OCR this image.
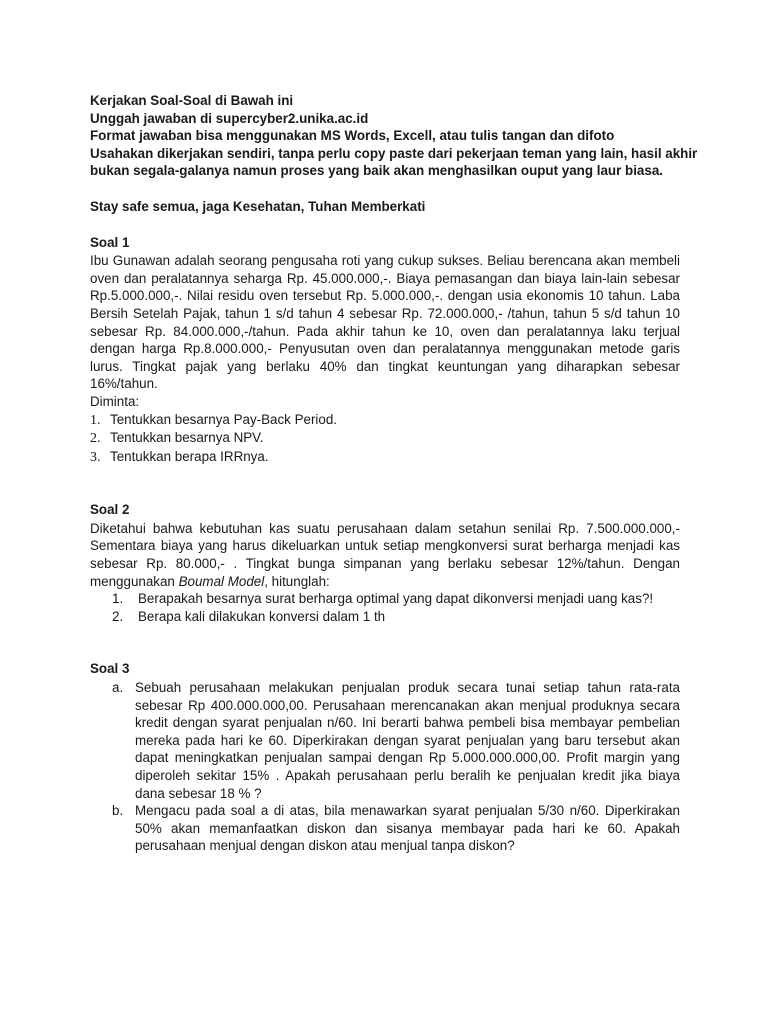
Kerjakan Soal-Soal di Bawah ini
Unggah jawaban di supercyber2.unika.ac.id
Format jawaban bisa menggunakan MS Words, Excell, atau tulis tangan dan difoto
Usahakan dikerjakan sendiri, tanpa perlu copy paste dari pekerjaan teman yang lain, hasil akhir
bukan segala-galanya namun proses yang baik akan menghasilkan ouput yang laur biasa.
Stay safe semua, jaga Kesehatan, Tuhan Memberkati
Soal 1
Ibu Gunawan adalah seorang pengusaha roti yang cukup sukses. Beliau berencana akan membeli oven dan peralatannya seharga Rp. 45.000.000,-. Biaya pemasangan dan biaya lain-lain sebesar Rp.5.000.000,-. Nilai residu oven tersebut Rp. 5.000.000,-. dengan usia ekonomis 10 tahun. Laba Bersih Setelah Pajak, tahun 1 s/d tahun 4 sebesar Rp. 72.000.000,- /tahun, tahun 5 s/d tahun 10 sebesar Rp. 84.000.000,-/tahun. Pada akhir tahun ke 10, oven dan peralatannya laku terjual dengan harga Rp.8.000.000,- Penyusutan oven dan peralatannya menggunakan metode garis lurus. Tingkat pajak yang berlaku 40% dan tingkat keuntungan yang diharapkan sebesar 16%/tahun.
Diminta:
1. Tentukkan besarnya Pay-Back Period.
2. Tentukkan besarnya NPV.
3. Tentukkan berapa IRRnya.
Soal 2
Diketahui bahwa kebutuhan kas suatu perusahaan dalam setahun senilai Rp. 7.500.000.000,- Sementara biaya yang harus dikeluarkan untuk setiap mengkonversi surat berharga menjadi kas sebesar Rp. 80.000,- . Tingkat bunga simpanan yang berlaku sebesar 12%/tahun. Dengan menggunakan Boumal Model, hitunglah:
1.	Berapakah besarnya surat berharga optimal yang dapat dikonversi menjadi uang kas?!
2.	Berapa kali dilakukan konversi dalam 1 th
Soal 3
a. Sebuah perusahaan melakukan penjualan produk secara tunai setiap tahun rata-rata sebesar Rp 400.000.000,00. Perusahaan merencanakan akan menjual produknya secara kredit dengan syarat penjualan n/60. Ini berarti bahwa pembeli bisa membayar pembelian mereka pada hari ke 60. Diperkirakan dengan syarat penjualan yang baru tersebut akan dapat meningkatkan penjualan sampai dengan Rp 5.000.000.000,00. Profit margin yang diperoleh sekitar 15% . Apakah perusahaan perlu beralih ke penjualan kredit jika biaya dana sebesar 18 % ?
b. Mengacu pada soal a di atas, bila menawarkan syarat penjualan 5/30 n/60. Diperkirakan 50% akan memanfaatkan diskon dan sisanya membayar pada hari ke 60. Apakah perusahaan menjual dengan diskon atau menjual tanpa diskon?
